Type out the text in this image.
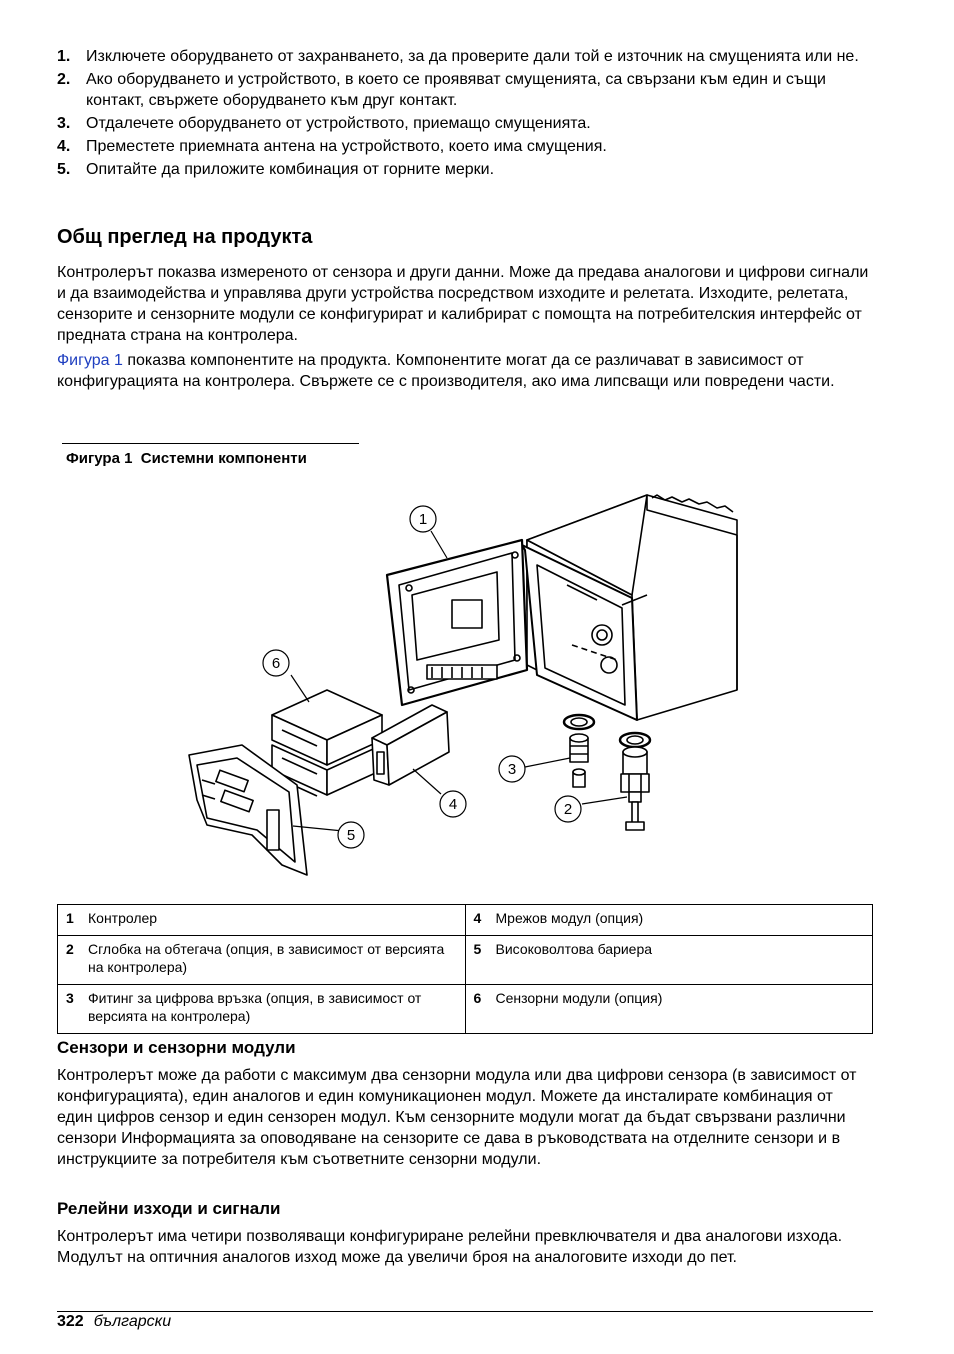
1. Изключете оборудването от захранването, за да проверите дали той е източник на смущенията или не.
2. Ако оборудването и устройството, в което се проявяват смущенията, са свързани към един и същи контакт, свържете оборудването към друг контакт.
3. Отдалечете оборудването от устройството, приемащо смущенията.
4. Преместете приемната антена на устройството, което има смущения.
5. Опитайте да приложите комбинация от горните мерки.
Общ преглед на продукта

Контролерът показва измереното от сензора и други данни. Може да предава аналогови и цифрови сигнали и да взаимодейства и управлява други устройства посредством изходите и релетата. Изходите, релетата, сензорите и сензорните модули се конфигурират и калибрират с помощта на потребителския интерфейс от предната страна на контролера.

Фигура 1 показва компонентите на продукта. Компонентите могат да се различават в зависимост от конфигурацията на контролера. Свържете се с производителя, ако има липсващи или повредени части.

Фигура 1  Системни компоненти
1
6
3
4	2
5
1 Контролер	4 Мрежов модул (опция)
2 Сглобка на обтегача (опция, в зависимост от версията на контролера)	5 Високоволтова бариера
3 Фитинг за цифрова връзка (опция, в зависимост от версията на контролера)	6 Сензорни модули (опция)
Сензори и сензорни модули

Контролерът може да работи с максимум два сензорни модула или два цифрови сензора (в зависимост от конфигурацията), един аналогов и един комуникационен модул. Можете да инсталирате комбинация от един цифров сензор и един сензорен модул. Към сензорните модули могат да бъдат свързвани различни сензори Информацията за оповодяване на сензорите се дава в ръководствата на отделните сензори и в инструкциите за потребителя към съответните сензорни модули.

Релейни изходи и сигнали

Контролерът има четири позволяващи конфигуриране релейни превключвателя и два аналогови изхода. Модулът на оптичния аналогов изход може да увеличи броя на аналоговите изходи до пет.

322 български
